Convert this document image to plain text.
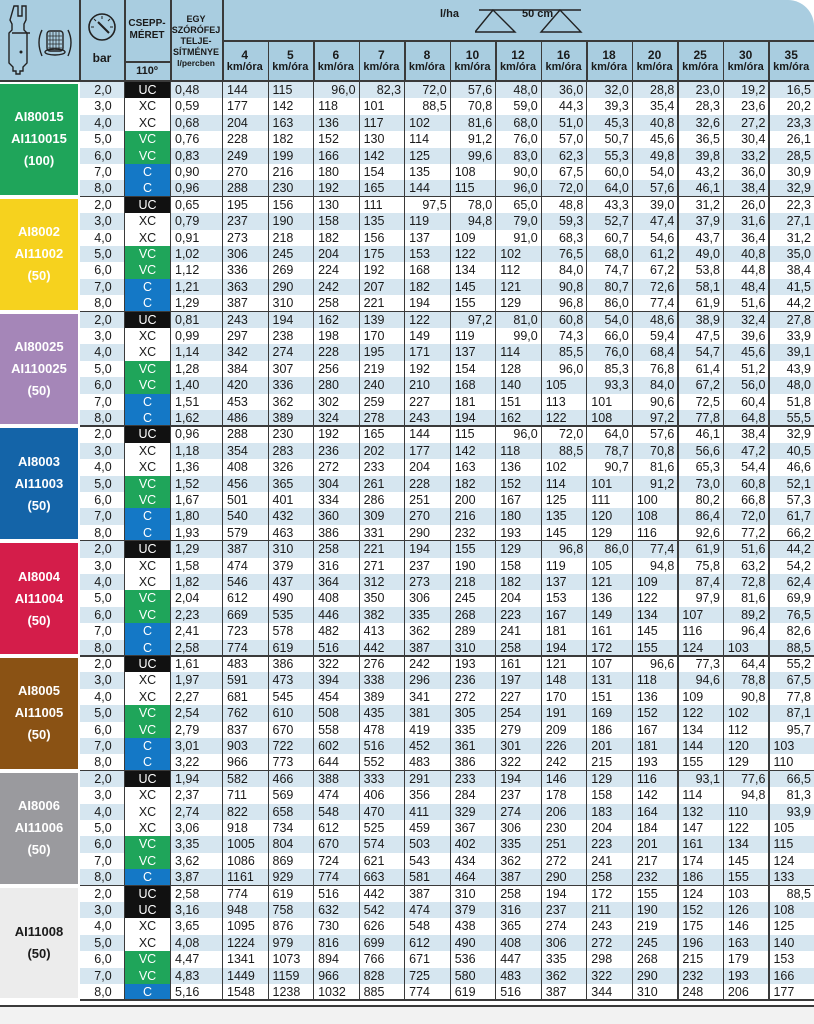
bar
CSEPP-
MÉRET
110º
EGY
SZÓRÓFEJ
TELJE-
SÍTMÉNYE
l/percben
l/ha	50 cm
4
km/óra
5
km/óra
6
km/óra
7
km/óra
8
km/óra
10
km/óra
12
km/óra
16
km/óra
18
km/óra
20
km/óra
25
km/óra
30
km/óra
35
km/óra
AI80015
AI110015
(100)
2,0	UC	0,48	144	115	96,0	82,3	72,0	57,6	48,0	36,0	32,0	28,8	23,0	19,2	16,5
3,0	XC	0,59	177	142	118	101	88,5	70,8	59,0	44,3	39,3	35,4	28,3	23,6	20,2
4,0	XC	0,68	204	163	136	117	102	81,6	68,0	51,0	45,3	40,8	32,6	27,2	23,3
5,0	VC	0,76	228	182	152	130	114	91,2	76,0	57,0	50,7	45,6	36,5	30,4	26,1
6,0	VC	0,83	249	199	166	142	125	99,6	83,0	62,3	55,3	49,8	39,8	33,2	28,5
7,0	C	0,90	270	216	180	154	135	108	90,0	67,5	60,0	54,0	43,2	36,0	30,9
8,0	C	0,96	288	230	192	165	144	115	96,0	72,0	64,0	57,6	46,1	38,4	32,9
AI8002
AI11002
(50)
2,0	UC	0,65	195	156	130	111	97,5	78,0	65,0	48,8	43,3	39,0	31,2	26,0	22,3
3,0	XC	0,79	237	190	158	135	119	94,8	79,0	59,3	52,7	47,4	37,9	31,6	27,1
4,0	XC	0,91	273	218	182	156	137	109	91,0	68,3	60,7	54,6	43,7	36,4	31,2
5,0	VC	1,02	306	245	204	175	153	122	102	76,5	68,0	61,2	49,0	40,8	35,0
6,0	VC	1,12	336	269	224	192	168	134	112	84,0	74,7	67,2	53,8	44,8	38,4
7,0	C	1,21	363	290	242	207	182	145	121	90,8	80,7	72,6	58,1	48,4	41,5
8,0	C	1,29	387	310	258	221	194	155	129	96,8	86,0	77,4	61,9	51,6	44,2
AI80025
AI110025
(50)
2,0	UC	0,81	243	194	162	139	122	97,2	81,0	60,8	54,0	48,6	38,9	32,4	27,8
3,0	XC	0,99	297	238	198	170	149	119	99,0	74,3	66,0	59,4	47,5	39,6	33,9
4,0	XC	1,14	342	274	228	195	171	137	114	85,5	76,0	68,4	54,7	45,6	39,1
5,0	VC	1,28	384	307	256	219	192	154	128	96,0	85,3	76,8	61,4	51,2	43,9
6,0	VC	1,40	420	336	280	240	210	168	140	105	93,3	84,0	67,2	56,0	48,0
7,0	C	1,51	453	362	302	259	227	181	151	113	101	90,6	72,5	60,4	51,8
8,0	C	1,62	486	389	324	278	243	194	162	122	108	97,2	77,8	64,8	55,5
AI8003
AI11003
(50)
2,0	UC	0,96	288	230	192	165	144	115	96,0	72,0	64,0	57,6	46,1	38,4	32,9
3,0	XC	1,18	354	283	236	202	177	142	118	88,5	78,7	70,8	56,6	47,2	40,5
4,0	XC	1,36	408	326	272	233	204	163	136	102	90,7	81,6	65,3	54,4	46,6
5,0	VC	1,52	456	365	304	261	228	182	152	114	101	91,2	73,0	60,8	52,1
6,0	VC	1,67	501	401	334	286	251	200	167	125	111	100	80,2	66,8	57,3
7,0	C	1,80	540	432	360	309	270	216	180	135	120	108	86,4	72,0	61,7
8,0	C	1,93	579	463	386	331	290	232	193	145	129	116	92,6	77,2	66,2
AI8004
AI11004
(50)
2,0	UC	1,29	387	310	258	221	194	155	129	96,8	86,0	77,4	61,9	51,6	44,2
3,0	XC	1,58	474	379	316	271	237	190	158	119	105	94,8	75,8	63,2	54,2
4,0	XC	1,82	546	437	364	312	273	218	182	137	121	109	87,4	72,8	62,4
5,0	VC	2,04	612	490	408	350	306	245	204	153	136	122	97,9	81,6	69,9
6,0	VC	2,23	669	535	446	382	335	268	223	167	149	134	107	89,2	76,5
7,0	C	2,41	723	578	482	413	362	289	241	181	161	145	116	96,4	82,6
8,0	C	2,58	774	619	516	442	387	310	258	194	172	155	124	103	88,5
AI8005
AI11005
(50)
2,0	UC	1,61	483	386	322	276	242	193	161	121	107	96,6	77,3	64,4	55,2
3,0	XC	1,97	591	473	394	338	296	236	197	148	131	118	94,6	78,8	67,5
4,0	XC	2,27	681	545	454	389	341	272	227	170	151	136	109	90,8	77,8
5,0	VC	2,54	762	610	508	435	381	305	254	191	169	152	122	102	87,1
6,0	VC	2,79	837	670	558	478	419	335	279	209	186	167	134	112	95,7
7,0	C	3,01	903	722	602	516	452	361	301	226	201	181	144	120	103
8,0	C	3,22	966	773	644	552	483	386	322	242	215	193	155	129	110
AI8006
AI11006
(50)
2,0	UC	1,94	582	466	388	333	291	233	194	146	129	116	93,1	77,6	66,5
3,0	XC	2,37	711	569	474	406	356	284	237	178	158	142	114	94,8	81,3
4,0	XC	2,74	822	658	548	470	411	329	274	206	183	164	132	110	93,9
5,0	XC	3,06	918	734	612	525	459	367	306	230	204	184	147	122	105
6,0	VC	3,35	1005	804	670	574	503	402	335	251	223	201	161	134	115
7,0	VC	3,62	1086	869	724	621	543	434	362	272	241	217	174	145	124
8,0	C	3,87	1161	929	774	663	581	464	387	290	258	232	186	155	133
AI11008
(50)
2,0	UC	2,58	774	619	516	442	387	310	258	194	172	155	124	103	88,5
3,0	UC	3,16	948	758	632	542	474	379	316	237	211	190	152	126	108
4,0	XC	3,65	1095	876	730	626	548	438	365	274	243	219	175	146	125
5,0	XC	4,08	1224	979	816	699	612	490	408	306	272	245	196	163	140
6,0	VC	4,47	1341	1073	894	766	671	536	447	335	298	268	215	179	153
7,0	VC	4,83	1449	1159	966	828	725	580	483	362	322	290	232	193	166
8,0	C	5,16	1548	1238	1032	885	774	619	516	387	344	310	248	206	177
